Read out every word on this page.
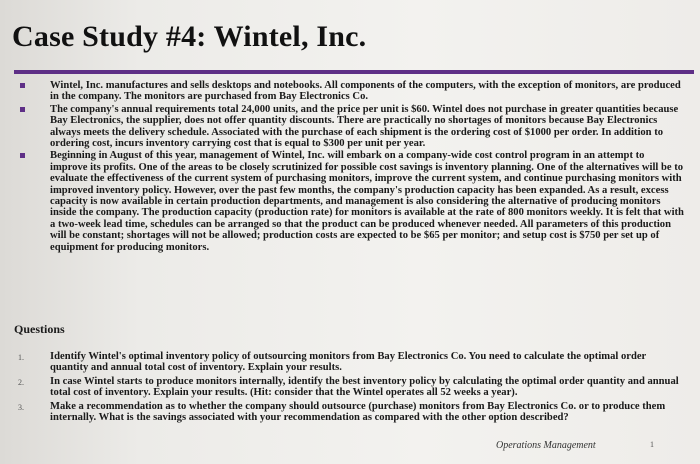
Case Study #4: Wintel, Inc.
Wintel, Inc. manufactures and sells desktops and notebooks. All components of the computers, with the exception of monitors, are produced in the company. The monitors are purchased from Bay Electronics Co.
The company's annual requirements total 24,000 units, and the price per unit is $60. Wintel does not purchase in greater quantities because Bay Electronics, the supplier, does not offer quantity discounts. There are practically no shortages of monitors because Bay Electronics always meets the delivery schedule. Associated with the purchase of each shipment is the ordering cost of $1000 per order. In addition to ordering cost, incurs inventory carrying cost that is equal to $300 per unit per year.
Beginning in August of this year, management of Wintel, Inc. will embark on a company-wide cost control program in an attempt to improve its profits. One of the areas to be closely scrutinized for possible cost savings is inventory planning. One of the alternatives will be to evaluate the effectiveness of the current system of purchasing monitors, improve the current system, and continue purchasing monitors with improved inventory policy. However, over the past few months, the company's production capacity has been expanded. As a result, excess capacity is now available in certain production departments, and management is also considering the alternative of producing monitors inside the company. The production capacity (production rate) for monitors is available at the rate of 800 monitors weekly. It is felt that with a two-week lead time, schedules can be arranged so that the product can be produced whenever needed. All parameters of this production will be constant; shortages will not be allowed; production costs are expected to be $65 per monitor; and setup cost is $750 per set up of equipment for producing monitors.
Questions
1. Identify Wintel's optimal inventory policy of outsourcing monitors from Bay Electronics Co. You need to calculate the optimal order quantity and annual total cost of inventory. Explain your results.
2. In case Wintel starts to produce monitors internally, identify the best inventory policy by calculating the optimal order quantity and annual total cost of inventory. Explain your results. (Hit: consider that the Wintel operates all 52 weeks a year).
3. Make a recommendation as to whether the company should outsource (purchase) monitors from Bay Electronics Co. or to produce them internally. What is the savings associated with your recommendation as compared with the other option described?
Operations Management	1
